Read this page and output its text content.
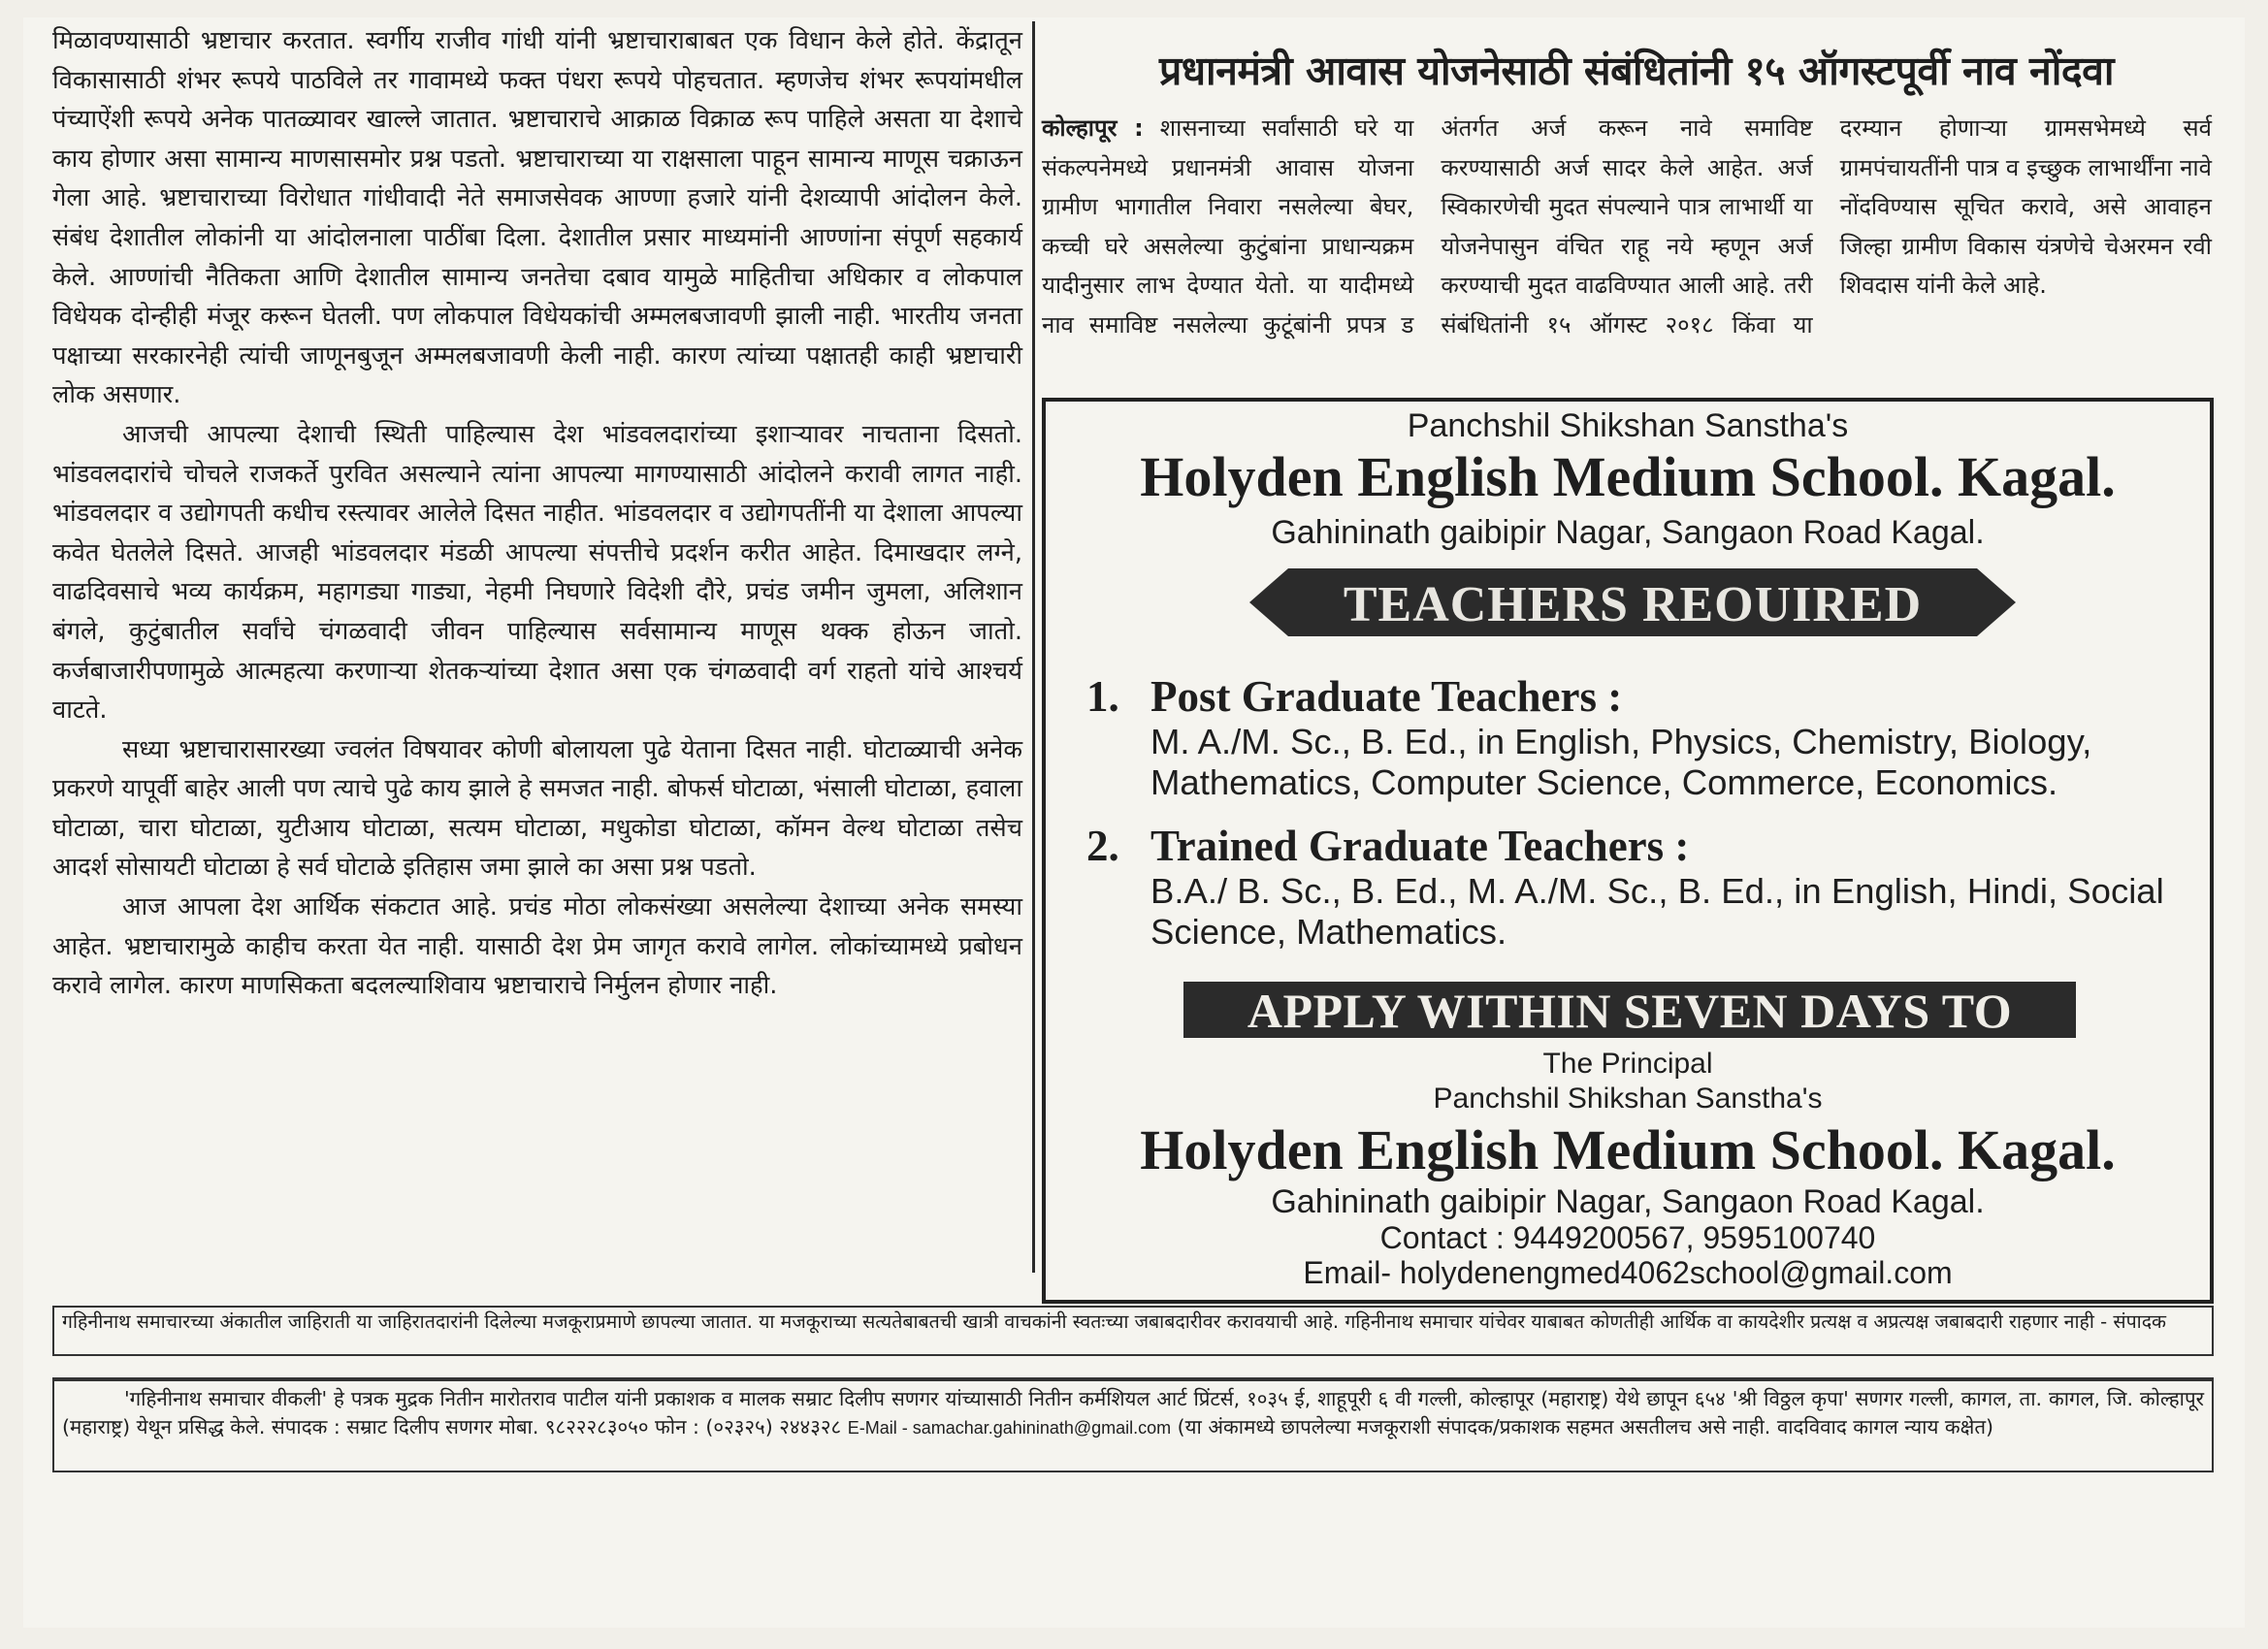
मिळावण्यासाठी भ्रष्टाचार करतात. स्वर्गीय राजीव गांधी यांनी भ्रष्टाचाराबाबत एक विधान केले होते. केंद्रातून विकासासाठी शंभर रूपये पाठविले तर गावामध्ये फक्त पंधरा रूपये पोहचतात. म्हणजेच शंभर रूपयांमधील पंच्याऐंशी रूपये अनेक पातळ्यावर खाल्ले जातात. भ्रष्टाचाराचे आक्राळ विक्राळ रूप पाहिले असता या देशाचे काय होणार असा सामान्य माणसासमोर प्रश्न पडतो. भ्रष्टाचाराच्या या राक्षसाला पाहून सामान्य माणूस चक्राऊन गेला आहे. भ्रष्टाचाराच्या विरोधात गांधीवादी नेते समाजसेवक आण्णा हजारे यांनी देशव्यापी आंदोलन केले. संबंध देशातील लोकांनी या आंदोलनाला पाठींबा दिला. देशातील प्रसार माध्यमांनी आण्णांना संपूर्ण सहकार्य केले. आण्णांची नैतिकता आणि देशातील सामान्य जनतेचा दबाव यामुळे माहितीचा अधिकार व लोकपाल विधेयक दोन्हीही मंजूर करून घेतली. पण लोकपाल विधेयकांची अम्मलबजावणी झाली नाही. भारतीय जनता पक्षाच्या सरकारनेही त्यांची जाणूनबुजून अम्मलबजावणी केली नाही. कारण त्यांच्या पक्षातही काही भ्रष्टाचारी लोक असणार.

आजची आपल्या देशाची स्थिती पाहिल्यास देश भांडवलदारांच्या इशाऱ्यावर नाचताना दिसतो. भांडवलदारांचे चोचले राजकर्ते पुरवित असल्याने त्यांना आपल्या मागण्यासाठी आंदोलने करावी लागत नाही. भांडवलदार व उद्योगपती कधीच रस्त्यावर आलेले दिसत नाहीत. भांडवलदार व उद्योगपतींनी या देशाला आपल्या कवेत घेतलेले दिसते. आजही भांडवलदार मंडळी आपल्या संपत्तीचे प्रदर्शन करीत आहेत. दिमाखदार लग्ने, वाढदिवसाचे भव्य कार्यक्रम, महागड्या गाड्या, नेहमी निघणारे विदेशी दौरे, प्रचंड जमीन जुमला, अलिशान बंगले, कुटुंबातील सर्वांचे चंगळवादी जीवन पाहिल्यास सर्वसामान्य माणूस थक्क होऊन जातो. कर्जबाजारीपणामुळे आत्महत्या करणाऱ्या शेतकऱ्यांच्या देशात असा एक चंगळवादी वर्ग राहतो यांचे आश्चर्य वाटते.

सध्या भ्रष्टाचारासारख्या ज्वलंत विषयावर कोणी बोलायला पुढे येताना दिसत नाही. घोटाळ्याची अनेक प्रकरणे यापूर्वी बाहेर आली पण त्याचे पुढे काय झाले हे समजत नाही. बोफर्स घोटाळा, भंसाली घोटाळा, हवाला घोटाळा, चारा घोटाळा, युटीआय घोटाळा, सत्यम घोटाळा, मधुकोडा घोटाळा, कॉमन वेल्थ घोटाळा तसेच आदर्श सोसायटी घोटाळा हे सर्व घोटाळे इतिहास जमा झाले का असा प्रश्न पडतो.

आज आपला देश आर्थिक संकटात आहे. प्रचंड मोठा लोकसंख्या असलेल्या देशाच्या अनेक समस्या आहेत. भ्रष्टाचारामुळे काहीच करता येत नाही. यासाठी देश प्रेम जागृत करावे लागेल. लोकांच्यामध्ये प्रबोधन करावे लागेल. कारण माणसिकता बदलल्याशिवाय भ्रष्टाचाराचे निर्मुलन होणार नाही.

प्रधानमंत्री आवास योजनेसाठी संबंधितांनी १५ ऑगस्टपूर्वी नाव नोंदवा
कोल्हापूर : शासनाच्या सर्वांसाठी घरे या संकल्पनेमध्ये प्रधानमंत्री आवास योजना ग्रामीण भागातील निवारा नसलेल्या बेघर, कच्ची घरे असलेल्या कुटुंबांना प्राधान्यक्रम यादीनुसार लाभ देण्यात येतो. या यादीमध्ये नाव समाविष्ट नसलेल्या कुटूंबांनी प्रपत्र ड अंतर्गत अर्ज करून नावे समाविष्ट करण्यासाठी अर्ज सादर केले आहेत. अर्ज स्विकारणेची मुदत संपल्याने पात्र लाभार्थी या योजनेपासुन वंचित राहू नये म्हणून अर्ज करण्याची मुदत वाढविण्यात आली आहे. तरी संबंधितांनी १५ ऑगस्ट २०१८ किंवा या दरम्यान होणाऱ्या ग्रामसभेमध्ये सर्व ग्रामपंचायतींनी पात्र व इच्छुक लाभार्थींना नावे नोंदविण्यास सूचित करावे, असे आवाहन जिल्हा ग्रामीण विकास यंत्रणेचे चेअरमन रवी शिवदास यांनी केले आहे.
Panchshil Shikshan Sanstha's
Holyden English Medium School. Kagal.
Gahininath gaibipir Nagar, Sangaon Road Kagal.
TEACHERS REOUIRED
1. Post Graduate Teachers :
M. A./M. Sc., B. Ed., in English, Physics, Chemistry, Biology, Mathematics, Computer Science, Commerce, Economics.
2. Trained Graduate Teachers :
B.A./ B. Sc., B. Ed., M. A./M. Sc., B. Ed., in English, Hindi, Social Science, Mathematics.
APPLY WITHIN SEVEN DAYS TO
The Principal
Panchshil Shikshan Sanstha's
Holyden English Medium School. Kagal.
Gahininath gaibipir Nagar, Sangaon Road Kagal.
Contact : 9449200567, 9595100740
Email- holydenengmed4062school@gmail.com
गहिनीनाथ समाचारच्या अंकातील जाहिराती या जाहिरातदारांनी दिलेल्या मजकूराप्रमाणे छापल्या जातात. या मजकूराच्या सत्यतेबाबतची खात्री वाचकांनी स्वतःच्या जबाबदारीवर करावयाची आहे. गहिनीनाथ समाचार यांचेवर याबाबत कोणतीही आर्थिक वा कायदेशीर प्रत्यक्ष व अप्रत्यक्ष जबाबदारी राहणार नाही - संपादक
'गहिनीनाथ समाचार वीकली' हे पत्रक मुद्रक नितीन मारोतराव पाटील यांनी प्रकाशक व मालक सम्राट दिलीप सणगर यांच्यासाठी नितीन कर्मशियल आर्ट प्रिंटर्स, १०३५ ई, शाहूपूरी ६ वी गल्ली, कोल्हापूर (महाराष्ट्र) येथे छापून ६५४ 'श्री विठ्ठल कृपा' सणगर गल्ली, कागल, ता. कागल, जि. कोल्हापूर (महाराष्ट्र) येथून प्रसिद्ध केले. संपादक : सम्राट दिलीप सणगर मोबा. ९८२२२८३०५० फोन : (०२३२५) २४४३२८ E-Mail - samachar.gahininath@gmail.com (या अंकामध्ये छापलेल्या मजकूराशी संपादक/प्रकाशक सहमत असतीलच असे नाही. वादविवाद कागल न्याय कक्षेत)
